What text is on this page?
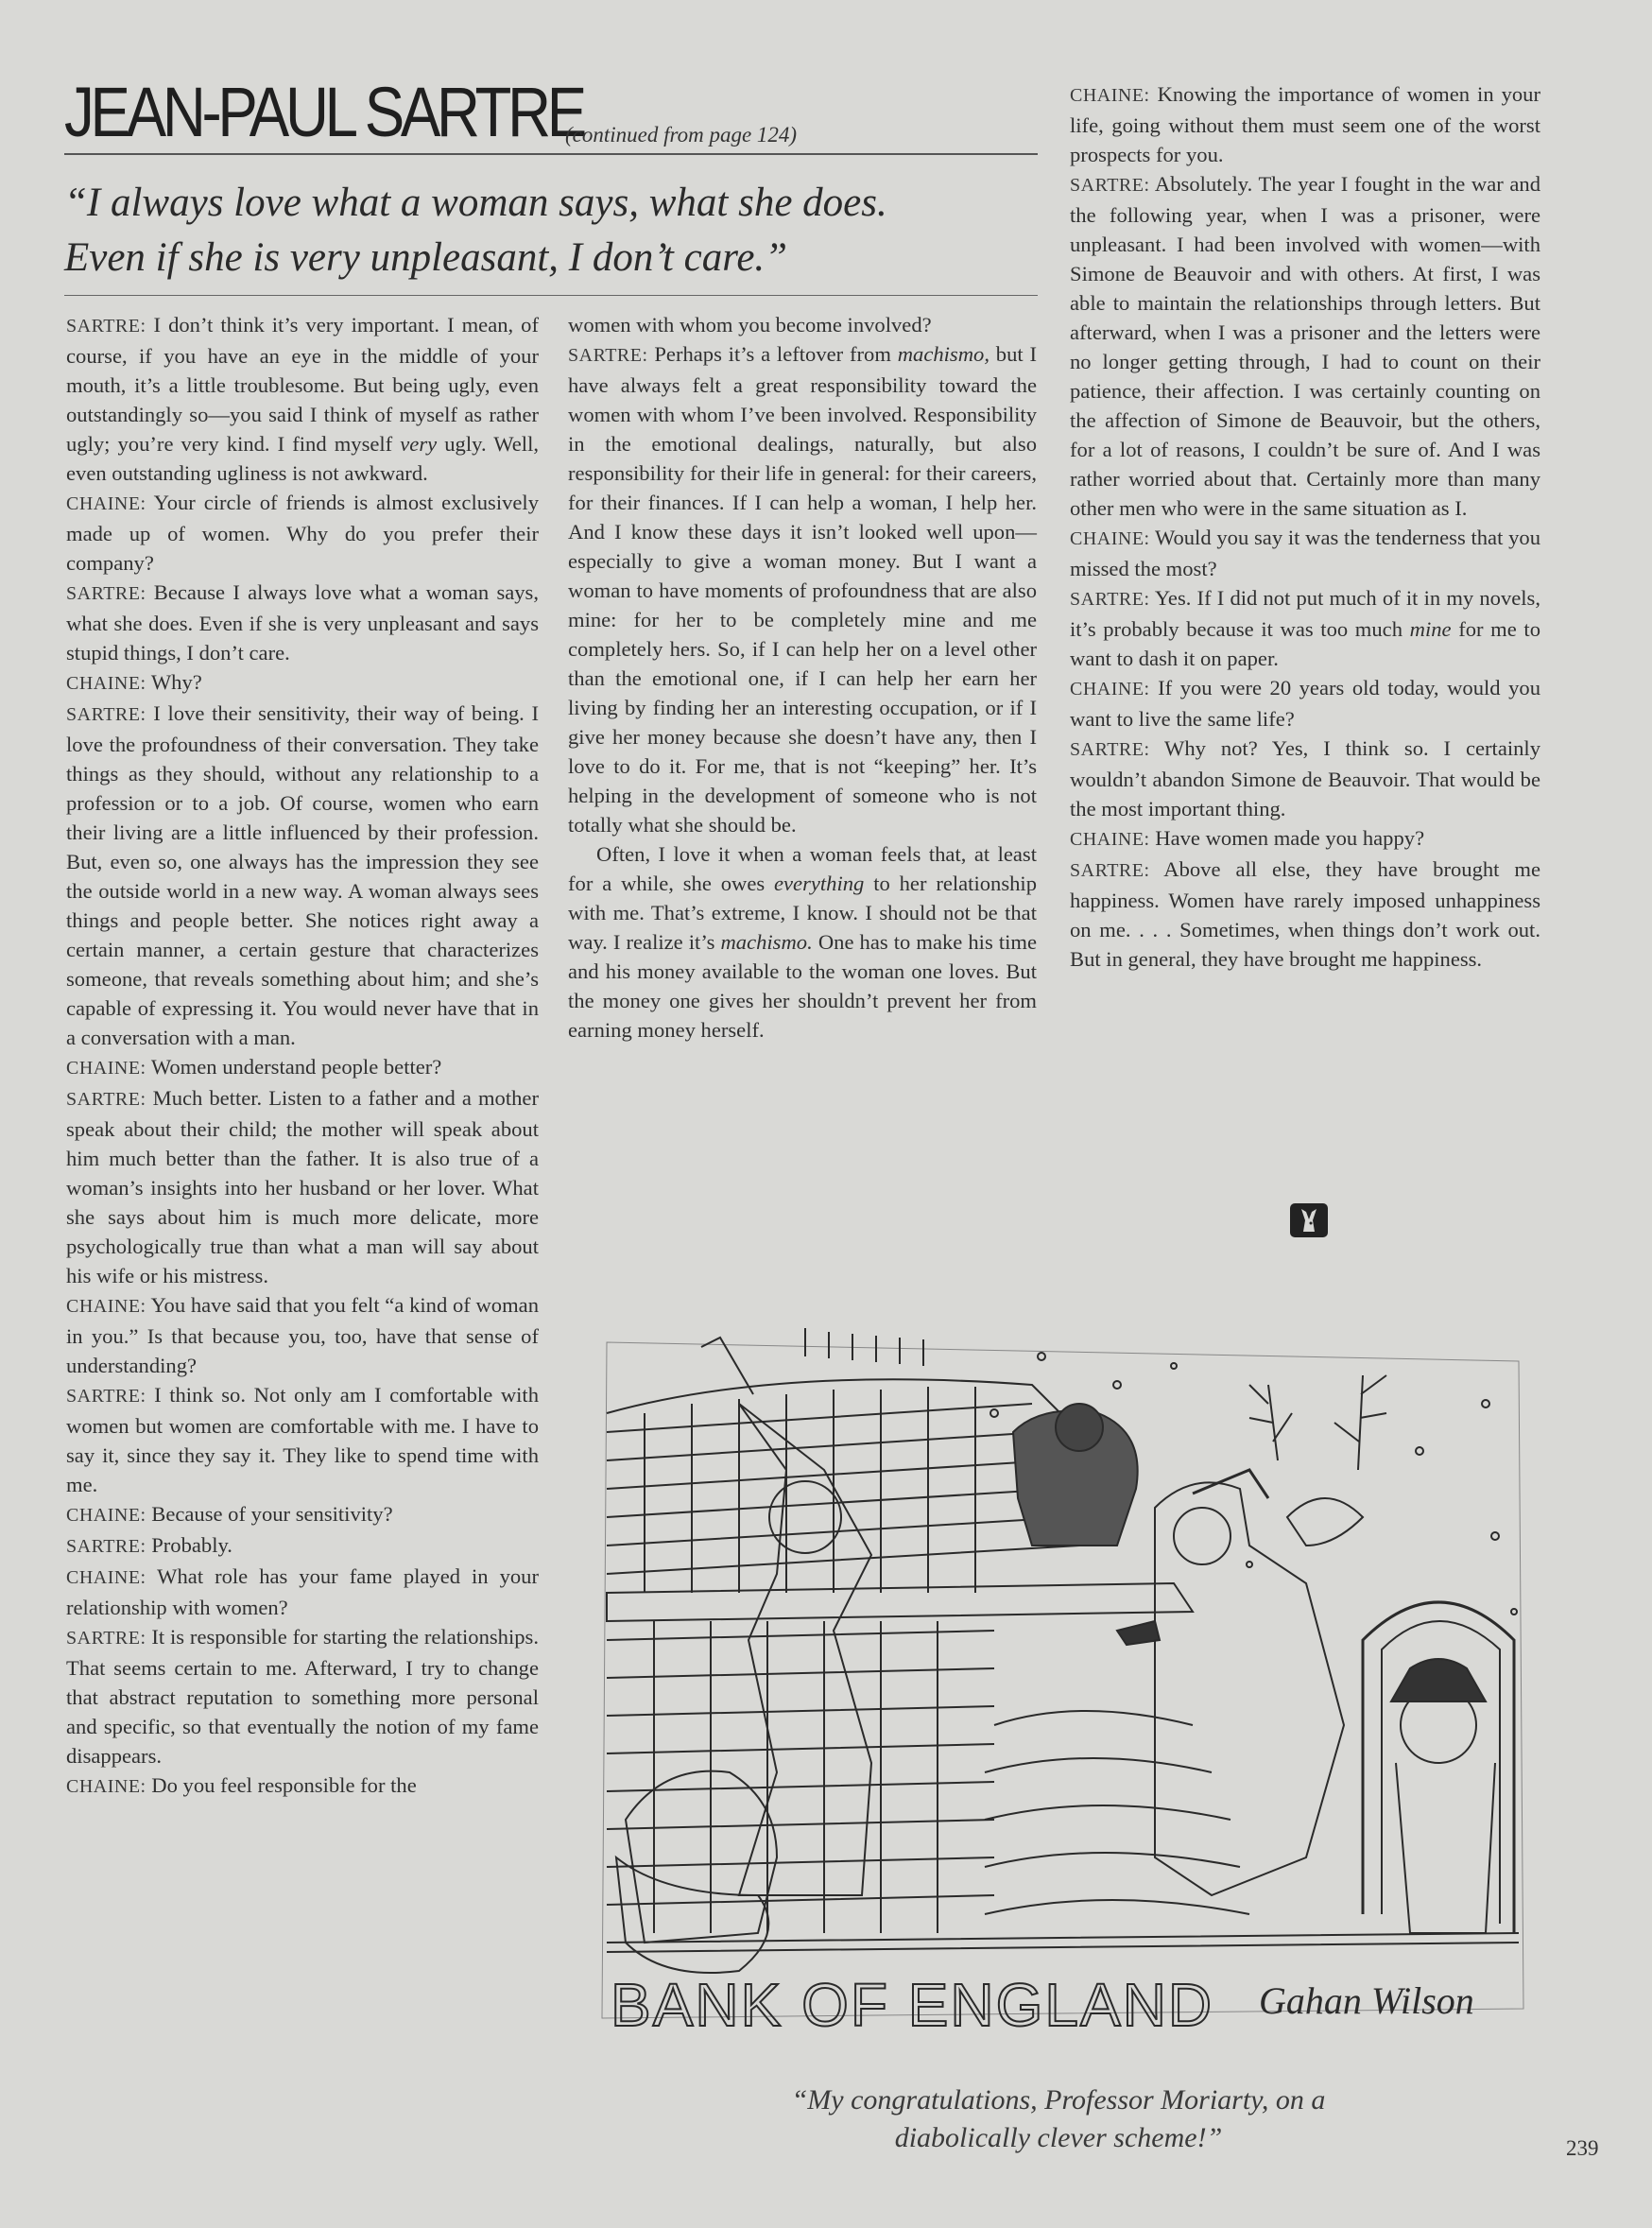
JEAN-PAUL SARTRE
(continued from page 124)
“I always love what a woman says, what she does.
Even if she is very unpleasant, I don’t care.”

SARTRE: I don’t think it’s very important. I mean, of course, if you have an eye in the middle of your mouth, it’s a little troublesome. But being ugly, even outstandingly so—you said I think of myself as rather ugly; you’re very kind. I find myself very ugly. Well, even outstanding ugliness is not awkward.

CHAINE: Your circle of friends is almost exclusively made up of women. Why do you prefer their company?

SARTRE: Because I always love what a woman says, what she does. Even if she is very unpleasant and says stupid things, I don’t care.

CHAINE: Why?

SARTRE: I love their sensitivity, their way of being. I love the profoundness of their conversation. They take things as they should, without any relationship to a profession or to a job. Of course, women who earn their living are a little influenced by their profession. But, even so, one always has the impression they see the outside world in a new way. A woman always sees things and people better. She notices right away a certain manner, a certain gesture that characterizes someone, that reveals something about him; and she’s capable of expressing it. You would never have that in a conversation with a man.

CHAINE: Women understand people better?

SARTRE: Much better. Listen to a father and a mother speak about their child; the mother will speak about him much better than the father. It is also true of a woman’s insights into her husband or her lover. What she says about him is much more delicate, more psychologically true than what a man will say about his wife or his mistress.

CHAINE: You have said that you felt “a kind of woman in you.” Is that because you, too, have that sense of understanding?

SARTRE: I think so. Not only am I comfortable with women but women are comfortable with me. I have to say it, since they say it. They like to spend time with me.

CHAINE: Because of your sensitivity?

SARTRE: Probably.

CHAINE: What role has your fame played in your relationship with women?

SARTRE: It is responsible for starting the relationships. That seems certain to me. Afterward, I try to change that abstract reputation to something more personal and specific, so that eventually the notion of my fame disappears.

CHAINE: Do you feel responsible for the

women with whom you become involved?

SARTRE: Perhaps it’s a leftover from machismo, but I have always felt a great responsibility toward the women with whom I’ve been involved. Responsibility in the emotional dealings, naturally, but also responsibility for their life in general: for their careers, for their finances. If I can help a woman, I help her. And I know these days it isn’t looked well upon—especially to give a woman money. But I want a woman to have moments of profoundness that are also mine: for her to be completely mine and me completely hers. So, if I can help her on a level other than the emotional one, if I can help her earn her living by finding her an interesting occupation, or if I give her money because she doesn’t have any, then I love to do it. For me, that is not “keeping” her. It’s helping in the development of someone who is not totally what she should be.

Often, I love it when a woman feels that, at least for a while, she owes everything to her relationship with me. That’s extreme, I know. I should not be that way. I realize it’s machismo. One has to make his time and his money available to the woman one loves. But the money one gives her shouldn’t prevent her from earning money herself.

CHAINE: Knowing the importance of women in your life, going without them must seem one of the worst prospects for you.

SARTRE: Absolutely. The year I fought in the war and the following year, when I was a prisoner, were unpleasant. I had been involved with women—with Simone de Beauvoir and with others. At first, I was able to maintain the relationships through letters. But afterward, when I was a prisoner and the letters were no longer getting through, I had to count on their patience, their affection. I was certainly counting on the affection of Simone de Beauvoir, but the others, for a lot of reasons, I couldn’t be sure of. And I was rather worried about that. Certainly more than many other men who were in the same situation as I.

CHAINE: Would you say it was the tenderness that you missed the most?

SARTRE: Yes. If I did not put much of it in my novels, it’s probably because it was too much mine for me to want to dash it on paper.

CHAINE: If you were 20 years old today, would you want to live the same life?

SARTRE: Why not? Yes, I think so. I certainly wouldn’t abandon Simone de Beauvoir. That would be the most important thing.

CHAINE: Have women made you happy?

SARTRE: Above all else, they have brought me happiness. Women have rarely imposed unhappiness on me. . . . Sometimes, when things don’t work out. But in general, they have brought me happiness.

BANK OF ENGLAND Gahan Wilson
“My congratulations, Professor Moriarty, on a
diabolically clever scheme!”	239
